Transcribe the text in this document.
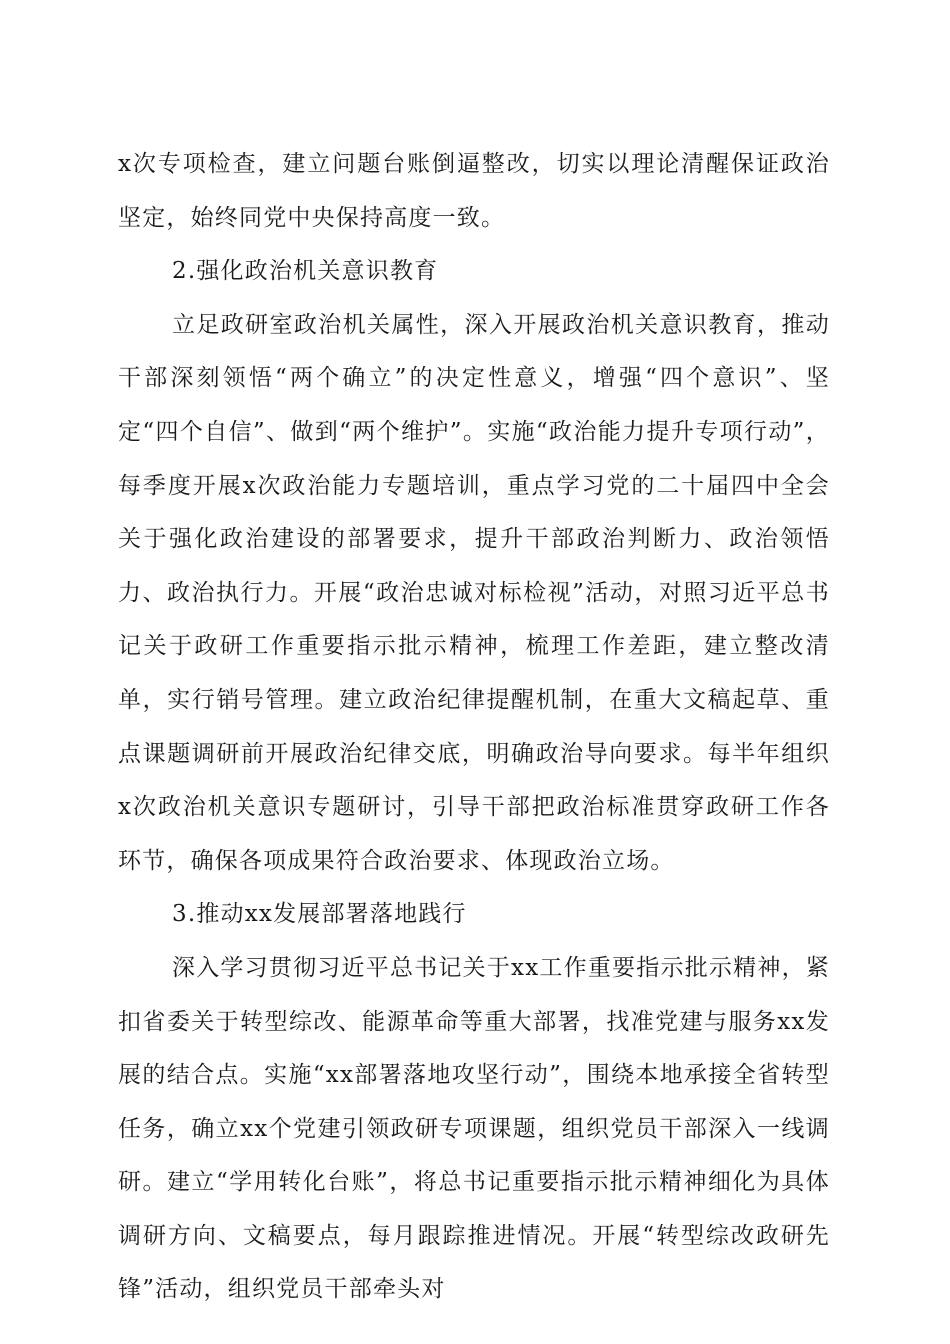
x次专项检查，建立问题台账倒逼整改，切实以理论清醒保证政治坚定，始终同党中央保持高度一致。

2.强化政治机关意识教育

立足政研室政治机关属性，深入开展政治机关意识教育，推动干部深刻领悟“两个确立”的决定性意义，增强“四个意识”、坚定“四个自信”、做到“两个维护”。实施“政治能力提升专项行动”，每季度开展x次政治能力专题培训，重点学习党的二十届四中全会关于强化政治建设的部署要求，提升干部政治判断力、政治领悟力、政治执行力。开展“政治忠诚对标检视”活动，对照习近平总书记关于政研工作重要指示批示精神，梳理工作差距，建立整改清单，实行销号管理。建立政治纪律提醒机制，在重大文稿起草、重点课题调研前开展政治纪律交底，明确政治导向要求。每半年组织x次政治机关意识专题研讨，引导干部把政治标准贯穿政研工作各环节，确保各项成果符合政治要求、体现政治立场。

3.推动xx发展部署落地践行

深入学习贯彻习近平总书记关于xx工作重要指示批示精神，紧扣省委关于转型综改、能源革命等重大部署，找准党建与服务xx发展的结合点。实施“xx部署落地攻坚行动”，围绕本地承接全省转型任务，确立xx个党建引领政研专项课题，组织党员干部深入一线调研。建立“学用转化台账”，将总书记重要指示批示精神细化为具体调研方向、文稿要点，每月跟踪推进情况。开展“转型综改政研先锋”活动，组织党员干部牵头对
